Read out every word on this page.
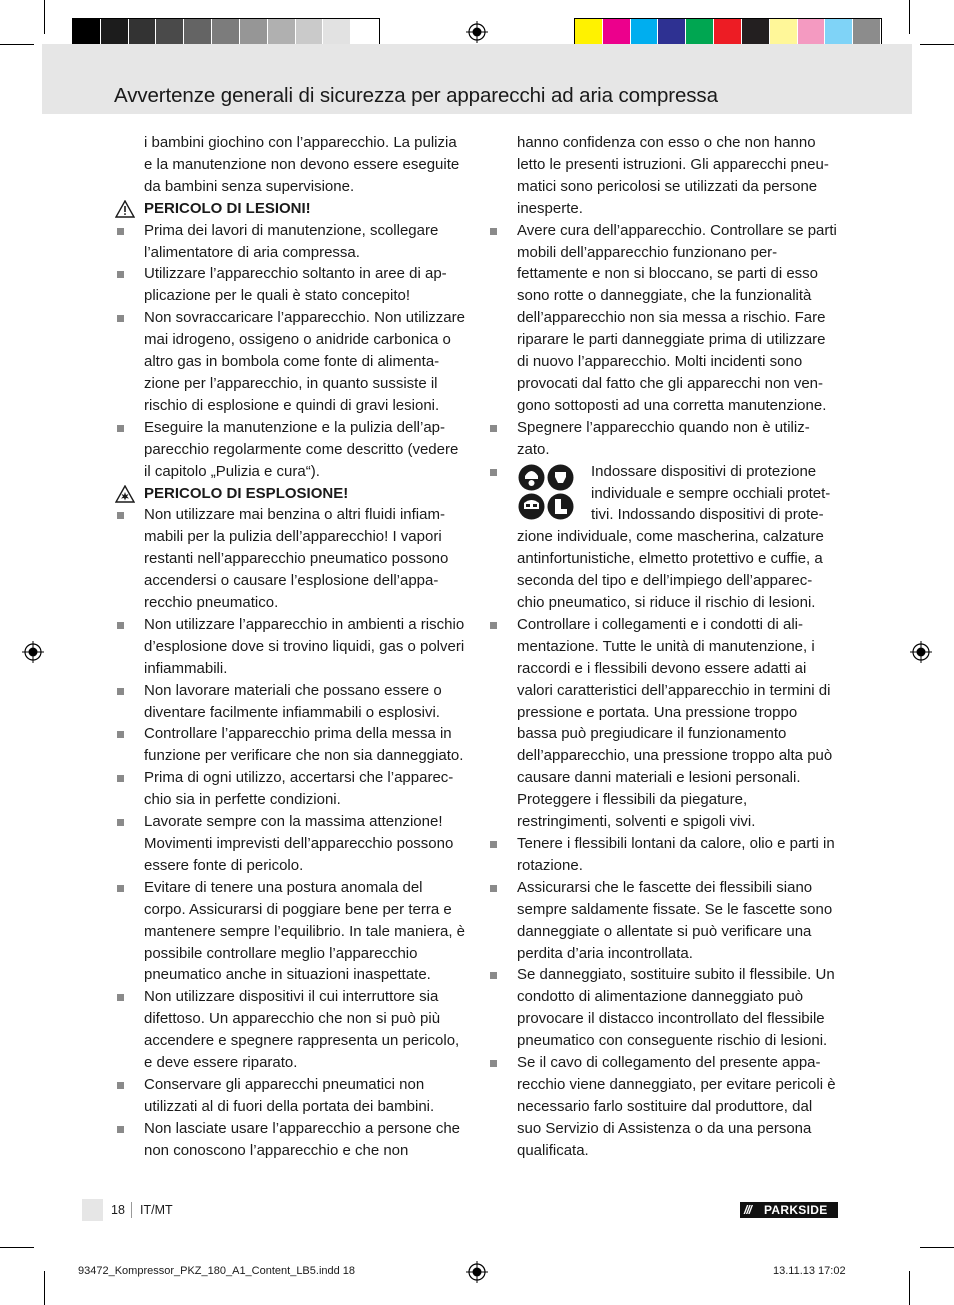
Avvertenze generali di sicurezza per apparecchi ad aria compressa

i bambini giochino con l’apparecchio. La pulizia e la manutenzione non devono essere eseguite da bambini senza supervisione.

PERICOLO DI LESIONI!

Prima dei lavori di manutenzione, scollegare l’alimentatore di aria compressa.

Utilizzare l’apparecchio soltanto in aree di ap-plicazione per le quali è stato concepito!

Non sovraccaricare l’apparecchio. Non utilizzare mai idrogeno, ossigeno o anidride carbonica o altro gas in bombola come fonte di alimenta-zione per l’apparecchio, in quanto sussiste il rischio di esplosione e quindi di gravi lesioni.

Eseguire la manutenzione e la pulizia dell’ap-parecchio regolarmente come descritto (vedere il capitolo „Pulizia e cura“).

PERICOLO DI ESPLOSIONE!

Non utilizzare mai benzina o altri fluidi infiam-mabili per la pulizia dell’apparecchio! I vapori restanti nell’apparecchio pneumatico possono accendersi o causare l’esplosione dell’appa-recchio pneumatico.

Non utilizzare l’apparecchio in ambienti a rischio d’esplosione dove si trovino liquidi, gas o polveri infiammabili.

Non lavorare materiali che possano essere o diventare facilmente infiammabili o esplosivi.

Controllare l’apparecchio prima della messa in funzione per verificare che non sia danneggiato.

Prima di ogni utilizzo, accertarsi che l’apparec-chio sia in perfette condizioni.

Lavorate sempre con la massima attenzione! Movimenti imprevisti dell’apparecchio possono essere fonte di pericolo.

Evitare di tenere una postura anomala del corpo. Assicurarsi di poggiare bene per terra e mantenere sempre l’equilibrio. In tale maniera, è possibile controllare meglio l’apparecchio pneumatico anche in situazioni inaspettate.

Non utilizzare dispositivi il cui interruttore sia difettoso. Un apparecchio che non si può più accendere e spegnere rappresenta un pericolo, e deve essere riparato.

Conservare gli apparecchi pneumatici non utilizzati al di fuori della portata dei bambini.

Non lasciate usare l’apparecchio a persone che non conoscono l’apparecchio e che non

hanno confidenza con esso o che non hanno letto le presenti istruzioni. Gli apparecchi pneu-matici sono pericolosi se utilizzati da persone inesperte.

Avere cura dell’apparecchio. Controllare se parti mobili dell’apparecchio funzionano per-fettamente e non si bloccano, se parti di esso sono rotte o danneggiate, che la funzionalità dell’apparecchio non sia messa a rischio. Fare riparare le parti danneggiate prima di utilizzare di nuovo l’apparecchio. Molti incidenti sono provocati dal fatto che gli apparecchi non ven-gono sottoposti ad una corretta manutenzione.

Spegnere l’apparecchio quando non è utiliz-zato.

Indossare dispositivi di protezione individuale e sempre occhiali protet-tivi. Indossando dispositivi di prote-zione individuale, come mascherina, calzature antinfortunistiche, elmetto protettivo e cuffie, a seconda del tipo e dell’impiego dell’apparec-chio pneumatico, si riduce il rischio di lesioni.

Controllare i collegamenti e i condotti di ali-mentazione. Tutte le unità di manutenzione, i raccordi e i flessibili devono essere adatti ai valori caratteristici dell’apparecchio in termini di pressione e portata. Una pressione troppo bassa può pregiudicare il funzionamento dell’apparecchio, una pressione troppo alta può causare danni materiali e lesioni personali. Proteggere i flessibili da piegature, restringimenti, solventi e spigoli vivi.

Tenere i flessibili lontani da calore, olio e parti in rotazione.

Assicurarsi che le fascette dei flessibili siano sempre saldamente fissate. Se le fascette sono danneggiate o allentate si può verificare una perdita d’aria incontrollata.

Se danneggiato, sostituire subito il flessibile. Un condotto di alimentazione danneggiato può provocare il distacco incontrollato del flessibile pneumatico con conseguente rischio di lesioni.

Se il cavo di collegamento del presente appa-recchio viene danneggiato, per evitare pericoli è necessario farlo sostituire dal produttore, dal suo Servizio di Assistenza o da una persona qualificata.

18 IT/MT	/// PARKSIDE
93472_Kompressor_PKZ_180_A1_Content_LB5.indd 18	13.11.13 17:02
